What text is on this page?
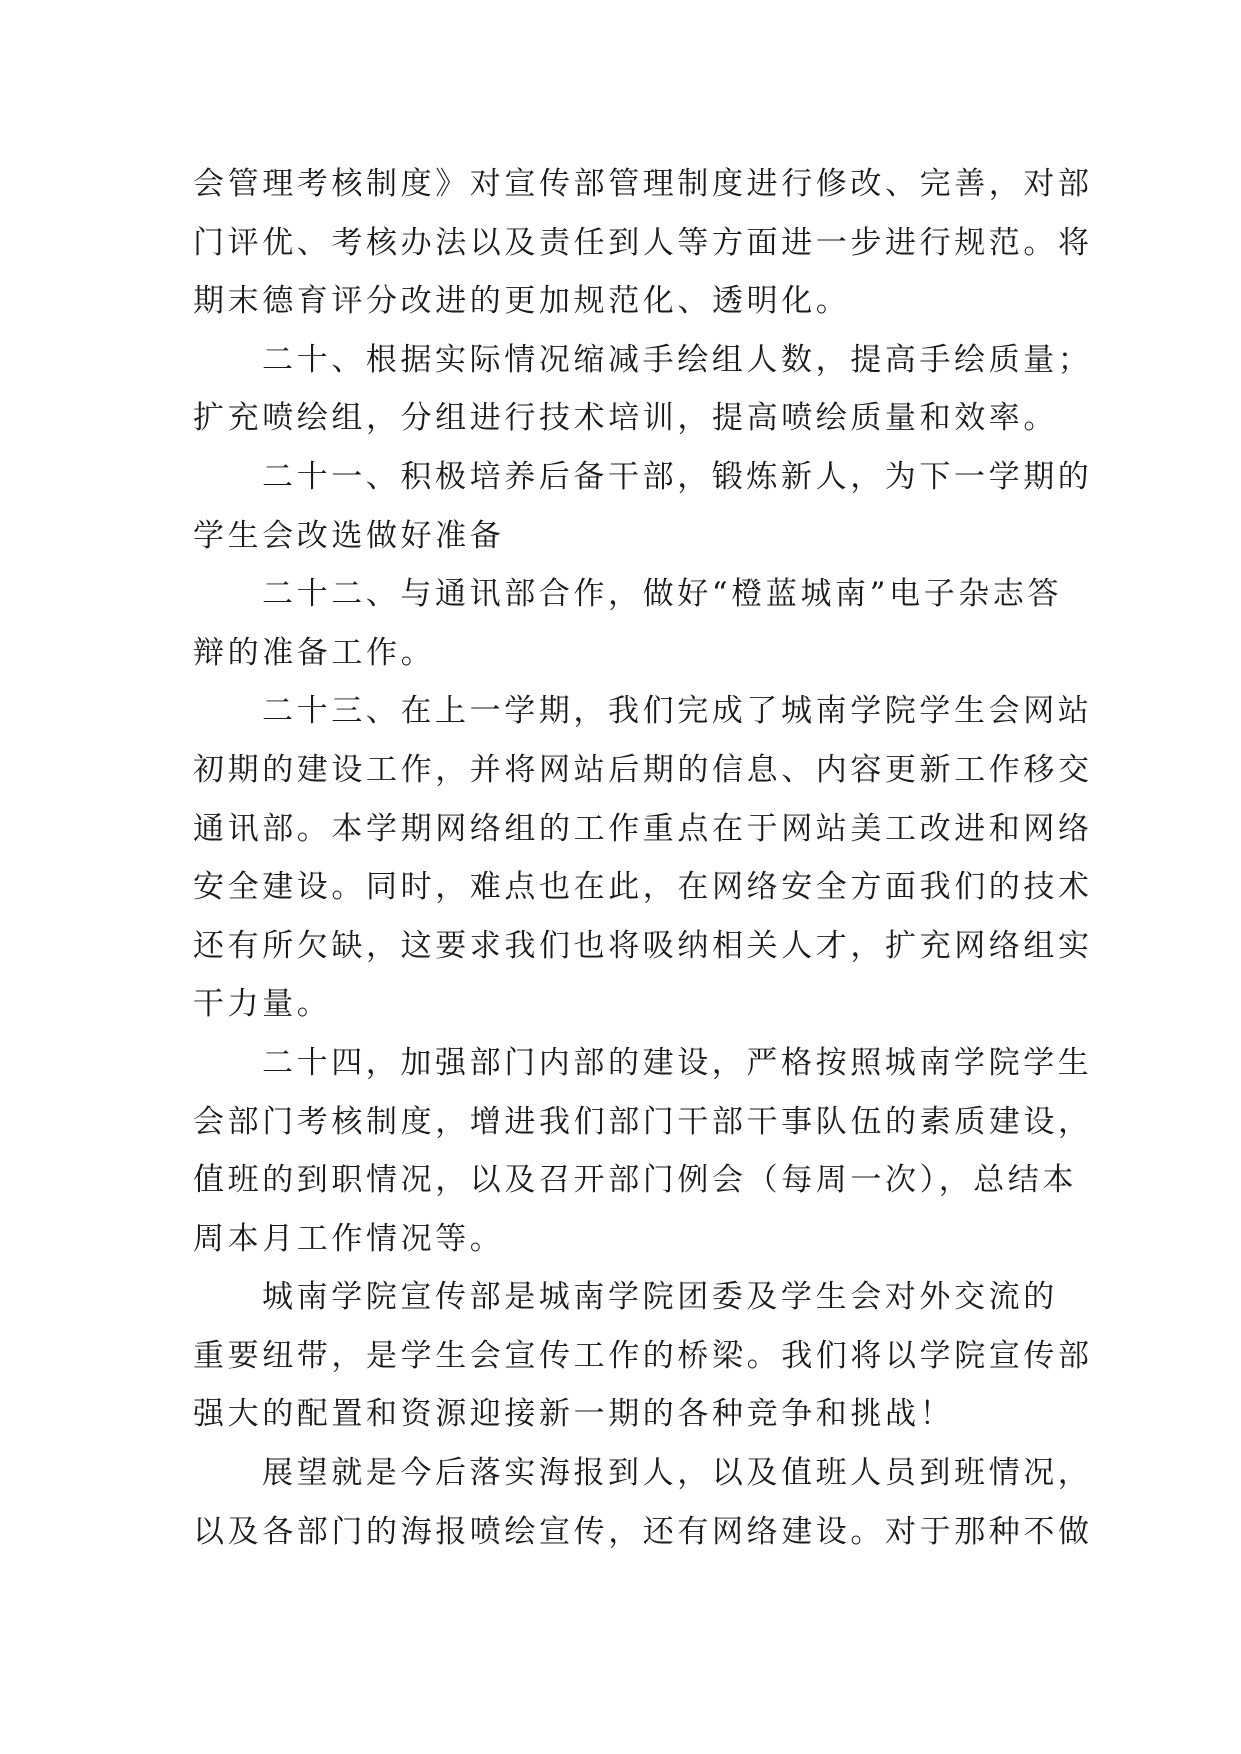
会管理考核制度》对宣传部管理制度进行修改、完善，对部
门评优、考核办法以及责任到人等方面进一步进行规范。将
期末德育评分改进的更加规范化、透明化。
二十、根据实际情况缩减手绘组人数，提高手绘质量；
扩充喷绘组，分组进行技术培训，提高喷绘质量和效率。
二十一、积极培养后备干部，锻炼新人，为下一学期的
学生会改选做好准备
二十二、与通讯部合作，做好“橙蓝城南”电子杂志答
辩的准备工作。
二十三、在上一学期，我们完成了城南学院学生会网站
初期的建设工作，并将网站后期的信息、内容更新工作移交
通讯部。本学期网络组的工作重点在于网站美工改进和网络
安全建设。同时，难点也在此，在网络安全方面我们的技术
还有所欠缺，这要求我们也将吸纳相关人才，扩充网络组实
干力量。
二十四，加强部门内部的建设，严格按照城南学院学生
会部门考核制度，增进我们部门干部干事队伍的素质建设，
值班的到职情况，以及召开部门例会（每周一次），总结本
周本月工作情况等。
城南学院宣传部是城南学院团委及学生会对外交流的
重要纽带，是学生会宣传工作的桥梁。我们将以学院宣传部
强大的配置和资源迎接新一期的各种竞争和挑战！
展望就是今后落实海报到人，以及值班人员到班情况，
以及各部门的海报喷绘宣传，还有网络建设。对于那种不做
